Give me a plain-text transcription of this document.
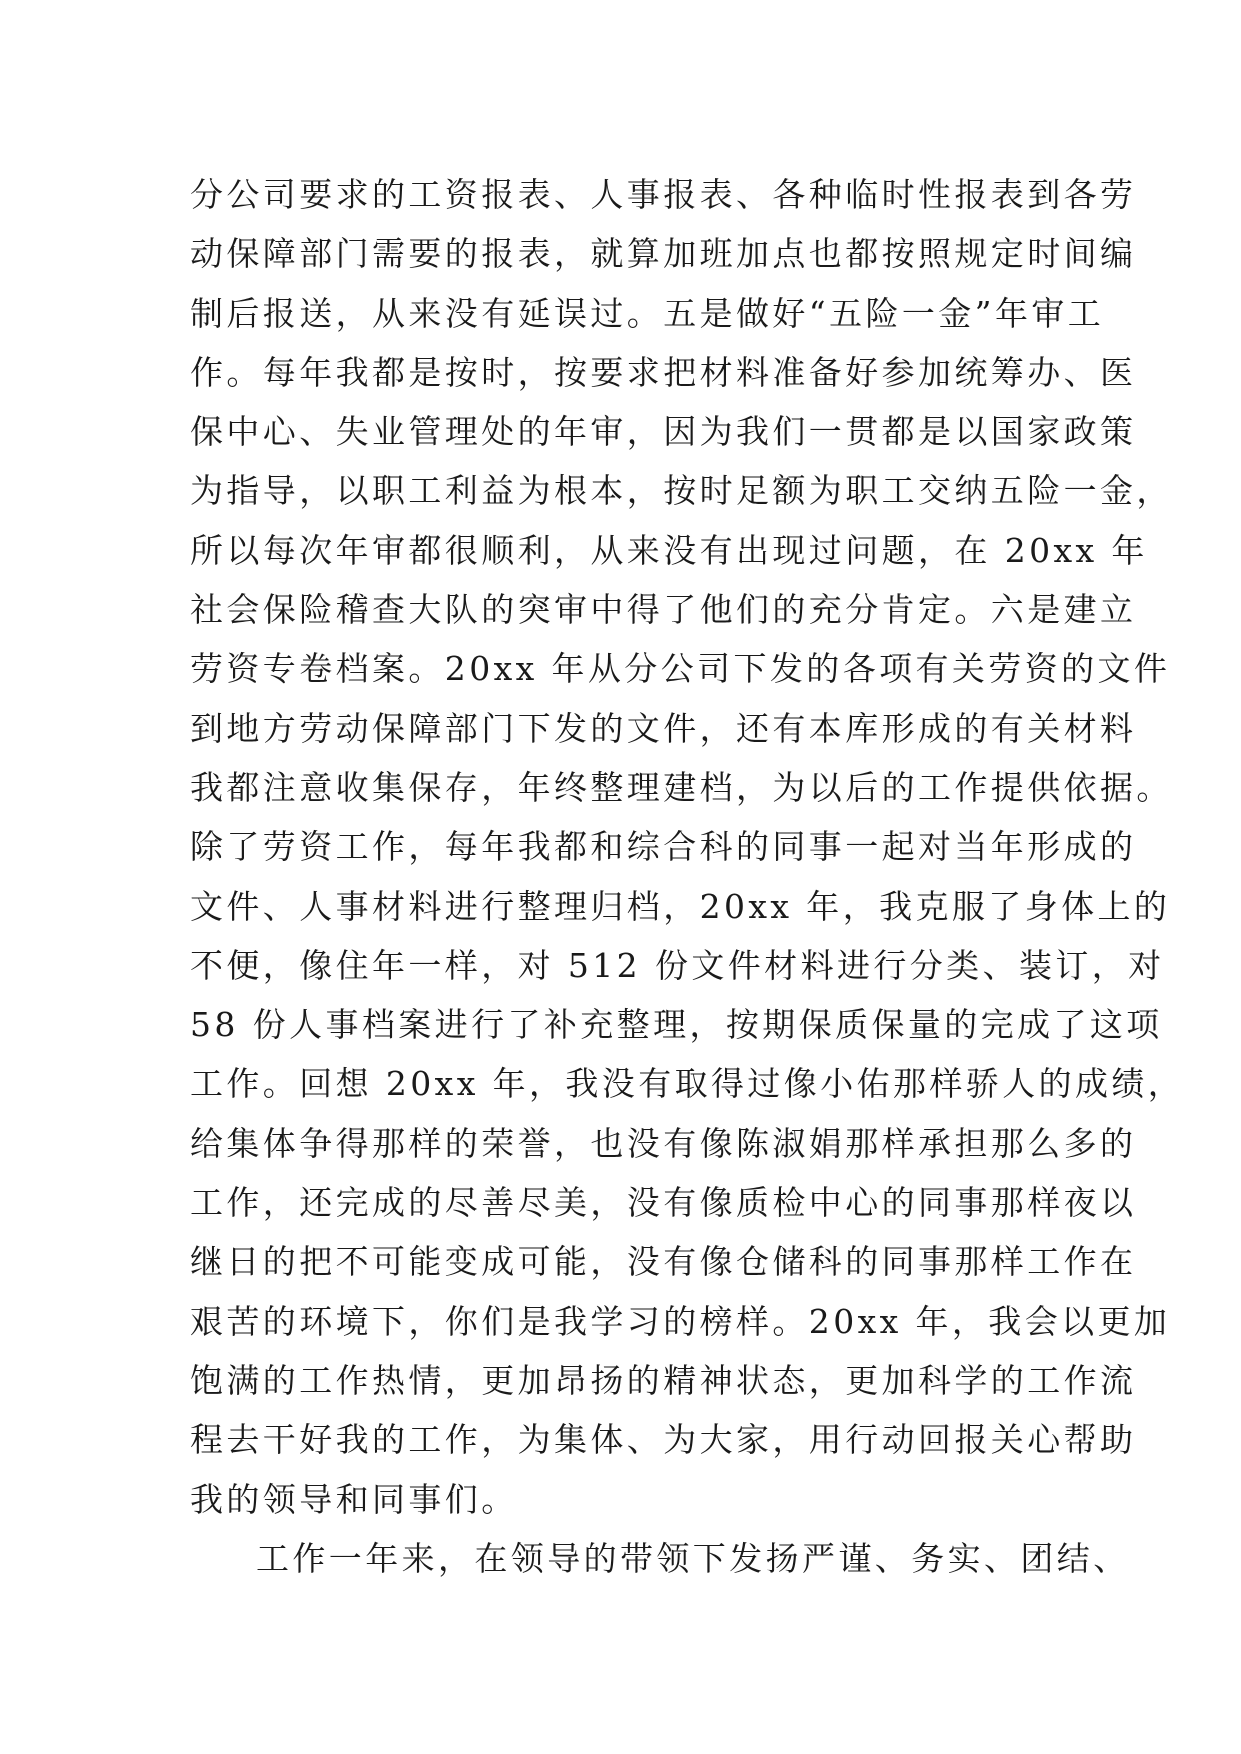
分公司要求的工资报表、人事报表、各种临时性报表到各劳
动保障部门需要的报表，就算加班加点也都按照规定时间编
制后报送，从来没有延误过。五是做好“五险一金”年审工
作。每年我都是按时，按要求把材料准备好参加统筹办、医
保中心、失业管理处的年审，因为我们一贯都是以国家政策
为指导，以职工利益为根本，按时足额为职工交纳五险一金，
所以每次年审都很顺利，从来没有出现过问题，在 20xx 年
社会保险稽查大队的突审中得了他们的充分肯定。六是建立
劳资专卷档案。20xx 年从分公司下发的各项有关劳资的文件
到地方劳动保障部门下发的文件，还有本库形成的有关材料
我都注意收集保存，年终整理建档，为以后的工作提供依据。
除了劳资工作，每年我都和综合科的同事一起对当年形成的
文件、人事材料进行整理归档，20xx 年，我克服了身体上的
不便，像住年一样，对 512 份文件材料进行分类、装订，对
58 份人事档案进行了补充整理，按期保质保量的完成了这项
工作。回想 20xx 年，我没有取得过像小佑那样骄人的成绩，
给集体争得那样的荣誉，也没有像陈淑娟那样承担那么多的
工作，还完成的尽善尽美，没有像质检中心的同事那样夜以
继日的把不可能变成可能，没有像仓储科的同事那样工作在
艰苦的环境下，你们是我学习的榜样。20xx 年，我会以更加
饱满的工作热情，更加昂扬的精神状态，更加科学的工作流
程去干好我的工作，为集体、为大家，用行动回报关心帮助
我的领导和同事们。
工作一年来，在领导的带领下发扬严谨、务实、团结、
